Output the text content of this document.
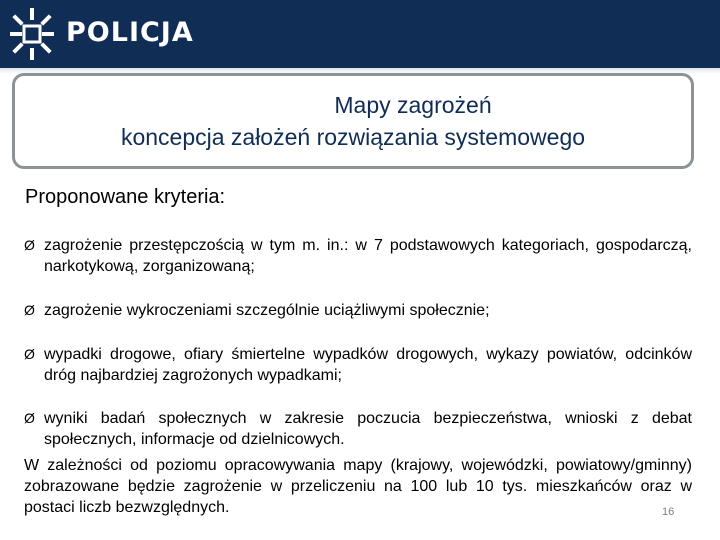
POLICJA
Mapy zagrożeń
koncepcja założeń rozwiązania systemowego
Proponowane kryteria:
Ø zagrożenie przestępczością w tym m. in.: w 7 podstawowych kategoriach, gospodarczą, narkotykową, zorganizowaną;
Ø zagrożenie wykroczeniami szczególnie uciążliwymi społecznie;
Ø wypadki drogowe, ofiary śmiertelne wypadków drogowych, wykazy powiatów, odcinków dróg najbardziej zagrożonych wypadkami;
Ø wyniki badań społecznych w zakresie poczucia bezpieczeństwa, wnioski z debat społecznych, informacje od dzielnicowych.
W zależności od poziomu opracowywania mapy (krajowy, wojewódzki, powiatowy/gminny) zobrazowane będzie zagrożenie w przeliczeniu na 100 lub 10 tys. mieszkańców oraz w postaci liczb bezwzględnych.	16
